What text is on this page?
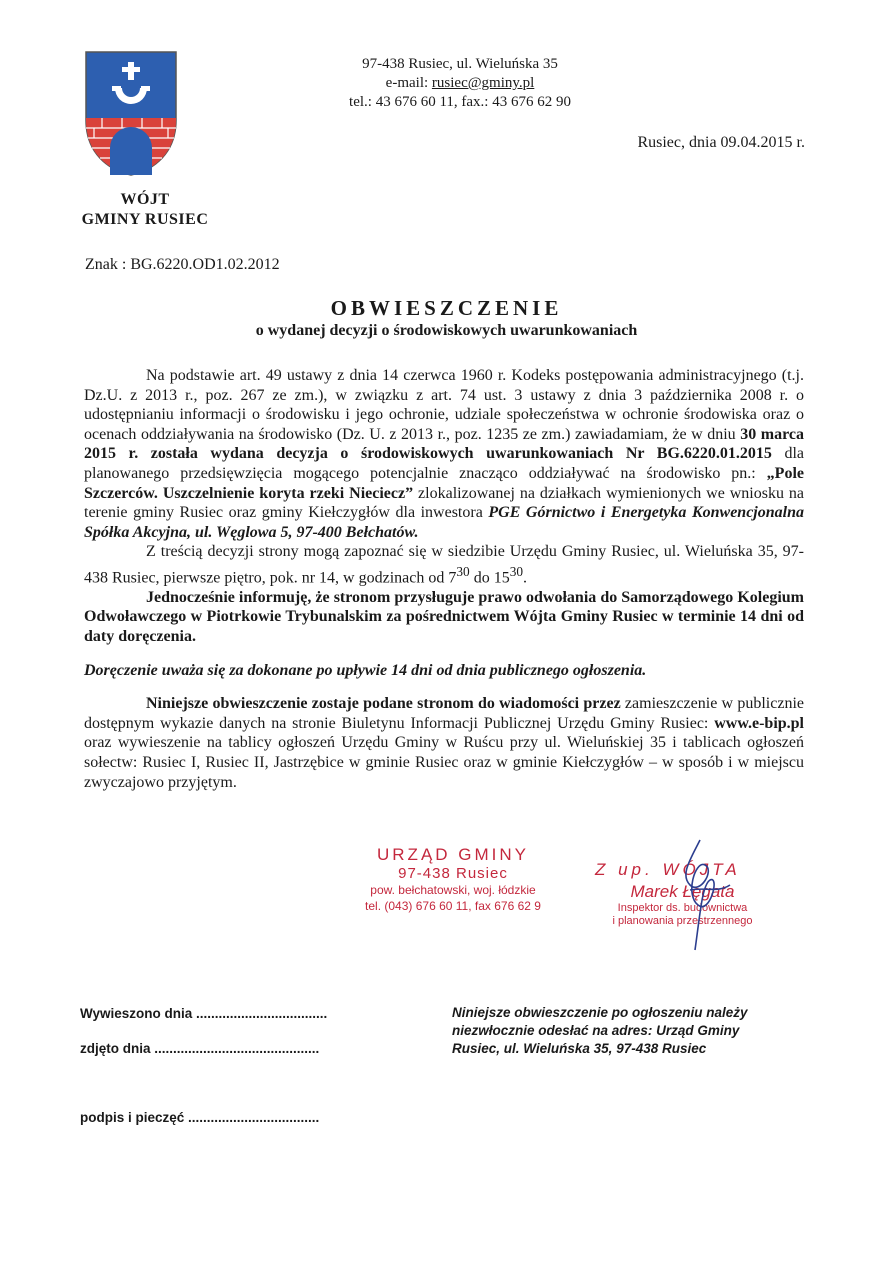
WÓJT
GMINY RUSIEC
97-438 Rusiec, ul. Wieluńska 35
e-mail: rusiec@gminy.pl
tel.: 43 676 60 11, fax.: 43 676 62 90
Rusiec, dnia 09.04.2015 r.
Znak : BG.6220.OD1.02.2012
OBWIESZCZENIE
o wydanej decyzji o środowiskowych uwarunkowaniach

Na podstawie art. 49 ustawy z dnia 14 czerwca 1960 r. Kodeks postępowania administracyjnego (t.j. Dz.U. z 2013 r., poz. 267 ze zm.), w związku z art. 74 ust. 3 ustawy z dnia 3 października 2008 r. o udostępnianiu informacji o środowisku i jego ochronie, udziale społeczeństwa w ochronie środowiska oraz o ocenach oddziaływania na środowisko (Dz. U. z 2013 r., poz. 1235 ze zm.) zawiadamiam, że w dniu 30 marca 2015 r. została wydana decyzja o środowiskowych uwarunkowaniach Nr BG.6220.01.2015 dla planowanego przedsięwzięcia mogącego potencjalnie znacząco oddziaływać na środowisko pn.: „Pole Szczerców. Uszczelnienie koryta rzeki Nieciecz” zlokalizowanej na działkach wymienionych we wniosku na terenie gminy Rusiec oraz gminy Kiełczygłów dla inwestora PGE Górnictwo i Energetyka Konwencjonalna Spółka Akcyjna, ul. Węglowa 5, 97-400 Bełchatów.

Z treścią decyzji strony mogą zapoznać się w siedzibie Urzędu Gminy Rusiec, ul. Wieluńska 35, 97-438 Rusiec, pierwsze piętro, pok. nr 14, w godzinach od $7^{30}$ do $15^{30}$.

Jednocześnie informuję, że stronom przysługuje prawo odwołania do Samorządowego Kolegium Odwoławczego w Piotrkowie Trybunalskim za pośrednictwem Wójta Gminy Rusiec w terminie 14 dni od daty doręczenia.

Doręczenie uważa się za dokonane po upływie 14 dni od dnia publicznego ogłoszenia.

Niniejsze obwieszczenie zostaje podane stronom do wiadomości przez zamieszczenie w publicznie dostępnym wykazie danych na stronie Biuletynu Informacji Publicznej Urzędu Gminy Rusiec: www.e-bip.pl oraz wywieszenie na tablicy ogłoszeń Urzędu Gminy w Ruścu przy ul. Wieluńskiej 35 i tablicach ogłoszeń sołectw: Rusiec I, Rusiec II, Jastrzębice w gminie Rusiec oraz w gminie Kiełczygłów – w sposób i w miejscu zwyczajowo przyjętym.

URZĄD GMINY
97-438 Rusiec
pow. bełchatowski, woj. łódzkie
tel. (043) 676 60 11, fax 676 62 9
Z up. WÓJTA
Marek Łęgata
Inspektor ds. budownictwa
i planowania przestrzennego
Wywieszono dnia ...................................
zdjęto dnia ............................................
podpis i pieczęć ...................................
Niniejsze obwieszczenie po ogłoszeniu należy niezwłocznie odesłać na adres: Urząd Gminy Rusiec, ul. Wieluńska 35, 97-438 Rusiec
